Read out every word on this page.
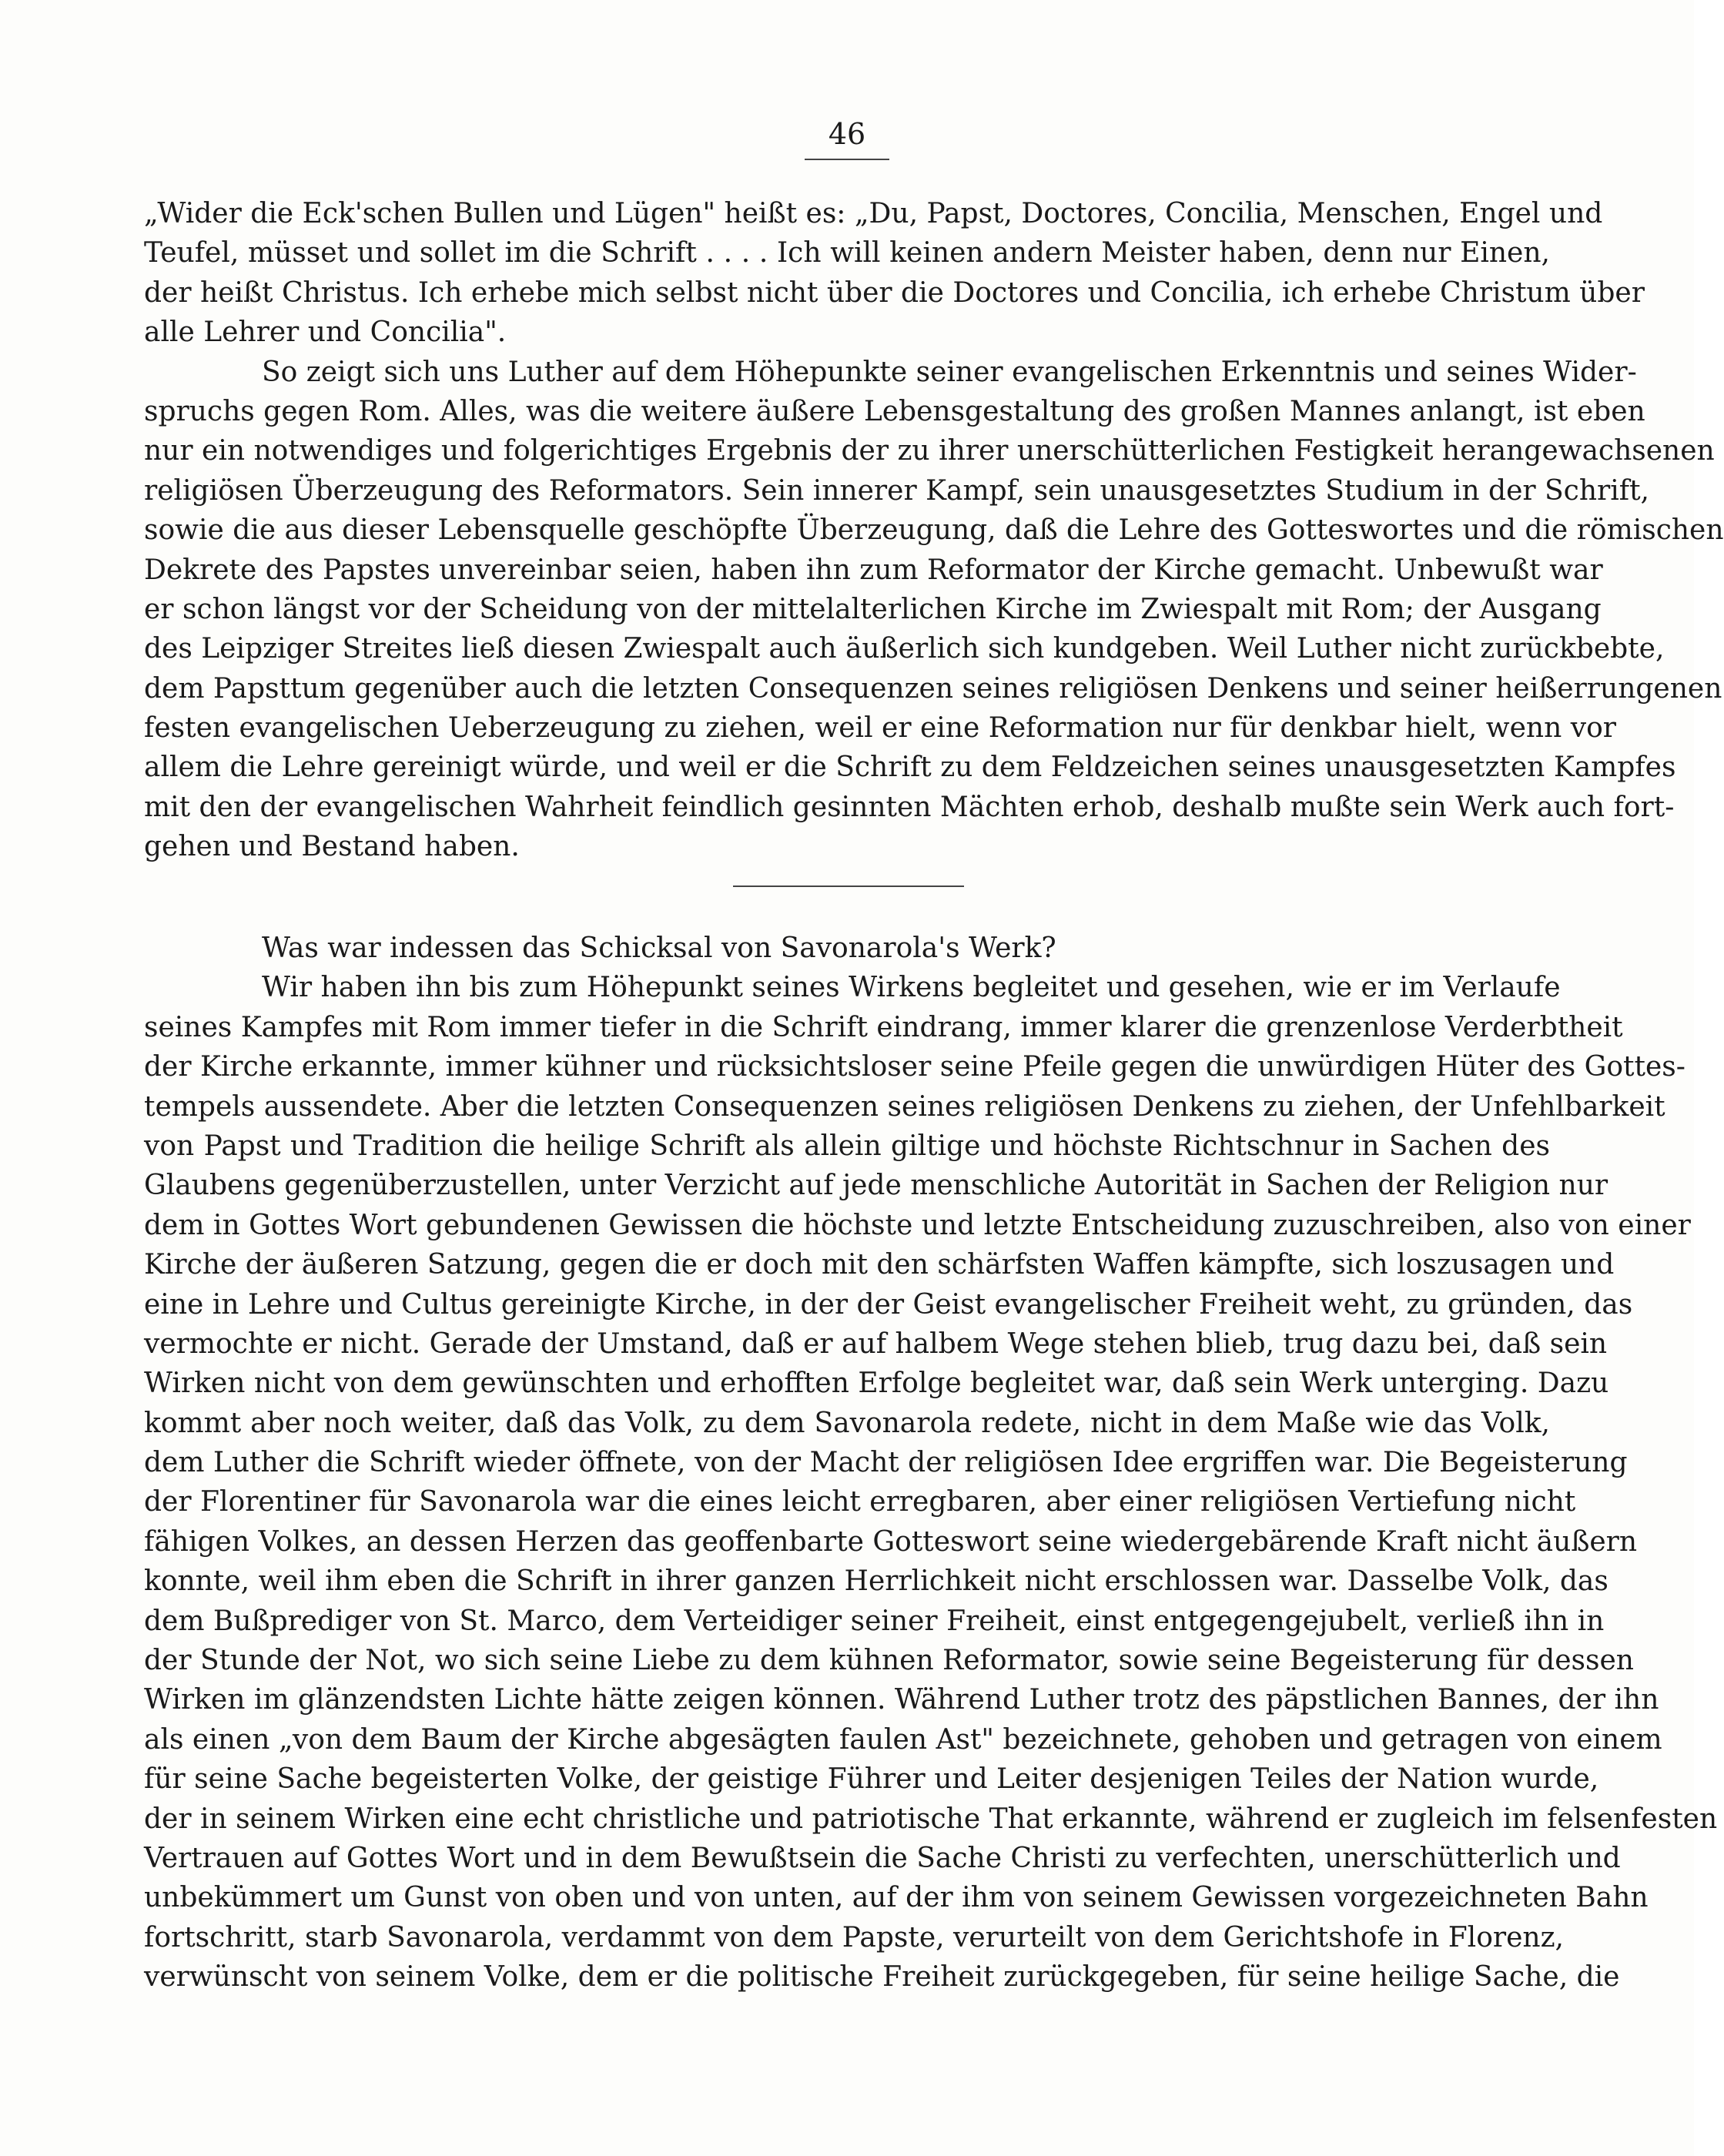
46
„Wider die Eck'schen Bullen und Lügen" heißt es: „Du, Papst, Doctores, Concilia, Menschen, Engel und
Teufel, müsset und sollet im die Schrift . . . . Ich will keinen andern Meister haben, denn nur Einen,
der heißt Christus. Ich erhebe mich selbst nicht über die Doctores und Concilia, ich erhebe Christum über
alle Lehrer und Concilia".
So zeigt sich uns Luther auf dem Höhepunkte seiner evangelischen Erkenntnis und seines Wider-
spruchs gegen Rom. Alles, was die weitere äußere Lebensgestaltung des großen Mannes anlangt, ist eben
nur ein notwendiges und folgerichtiges Ergebnis der zu ihrer unerschütterlichen Festigkeit herangewachsenen
religiösen Überzeugung des Reformators. Sein innerer Kampf, sein unausgesetztes Studium in der Schrift,
sowie die aus dieser Lebensquelle geschöpfte Überzeugung, daß die Lehre des Gotteswortes und die römischen
Dekrete des Papstes unvereinbar seien, haben ihn zum Reformator der Kirche gemacht. Unbewußt war
er schon längst vor der Scheidung von der mittelalterlichen Kirche im Zwiespalt mit Rom; der Ausgang
des Leipziger Streites ließ diesen Zwiespalt auch äußerlich sich kundgeben. Weil Luther nicht zurückbebte,
dem Papsttum gegenüber auch die letzten Consequenzen seines religiösen Denkens und seiner heißerrungenen
festen evangelischen Ueberzeugung zu ziehen, weil er eine Reformation nur für denkbar hielt, wenn vor
allem die Lehre gereinigt würde, und weil er die Schrift zu dem Feldzeichen seines unausgesetzten Kampfes
mit den der evangelischen Wahrheit feindlich gesinnten Mächten erhob, deshalb mußte sein Werk auch fort-
gehen und Bestand haben.
Was war indessen das Schicksal von Savonarola's Werk?
Wir haben ihn bis zum Höhepunkt seines Wirkens begleitet und gesehen, wie er im Verlaufe
seines Kampfes mit Rom immer tiefer in die Schrift eindrang, immer klarer die grenzenlose Verderbtheit
der Kirche erkannte, immer kühner und rücksichtsloser seine Pfeile gegen die unwürdigen Hüter des Gottes-
tempels aussendete. Aber die letzten Consequenzen seines religiösen Denkens zu ziehen, der Unfehlbarkeit
von Papst und Tradition die heilige Schrift als allein giltige und höchste Richtschnur in Sachen des
Glaubens gegenüberzustellen, unter Verzicht auf jede menschliche Autorität in Sachen der Religion nur
dem in Gottes Wort gebundenen Gewissen die höchste und letzte Entscheidung zuzuschreiben, also von einer
Kirche der äußeren Satzung, gegen die er doch mit den schärfsten Waffen kämpfte, sich loszusagen und
eine in Lehre und Cultus gereinigte Kirche, in der der Geist evangelischer Freiheit weht, zu gründen, das
vermochte er nicht. Gerade der Umstand, daß er auf halbem Wege stehen blieb, trug dazu bei, daß sein
Wirken nicht von dem gewünschten und erhofften Erfolge begleitet war, daß sein Werk unterging. Dazu
kommt aber noch weiter, daß das Volk, zu dem Savonarola redete, nicht in dem Maße wie das Volk,
dem Luther die Schrift wieder öffnete, von der Macht der religiösen Idee ergriffen war. Die Begeisterung
der Florentiner für Savonarola war die eines leicht erregbaren, aber einer religiösen Vertiefung nicht
fähigen Volkes, an dessen Herzen das geoffenbarte Gotteswort seine wiedergebärende Kraft nicht äußern
konnte, weil ihm eben die Schrift in ihrer ganzen Herrlichkeit nicht erschlossen war. Dasselbe Volk, das
dem Bußprediger von St. Marco, dem Verteidiger seiner Freiheit, einst entgegengejubelt, verließ ihn in
der Stunde der Not, wo sich seine Liebe zu dem kühnen Reformator, sowie seine Begeisterung für dessen
Wirken im glänzendsten Lichte hätte zeigen können. Während Luther trotz des päpstlichen Bannes, der ihn
als einen „von dem Baum der Kirche abgesägten faulen Ast" bezeichnete, gehoben und getragen von einem
für seine Sache begeisterten Volke, der geistige Führer und Leiter desjenigen Teiles der Nation wurde,
der in seinem Wirken eine echt christliche und patriotische That erkannte, während er zugleich im felsenfesten
Vertrauen auf Gottes Wort und in dem Bewußtsein die Sache Christi zu verfechten, unerschütterlich und
unbekümmert um Gunst von oben und von unten, auf der ihm von seinem Gewissen vorgezeichneten Bahn
fortschritt, starb Savonarola, verdammt von dem Papste, verurteilt von dem Gerichtshofe in Florenz,
verwünscht von seinem Volke, dem er die politische Freiheit zurückgegeben, für seine heilige Sache, die
